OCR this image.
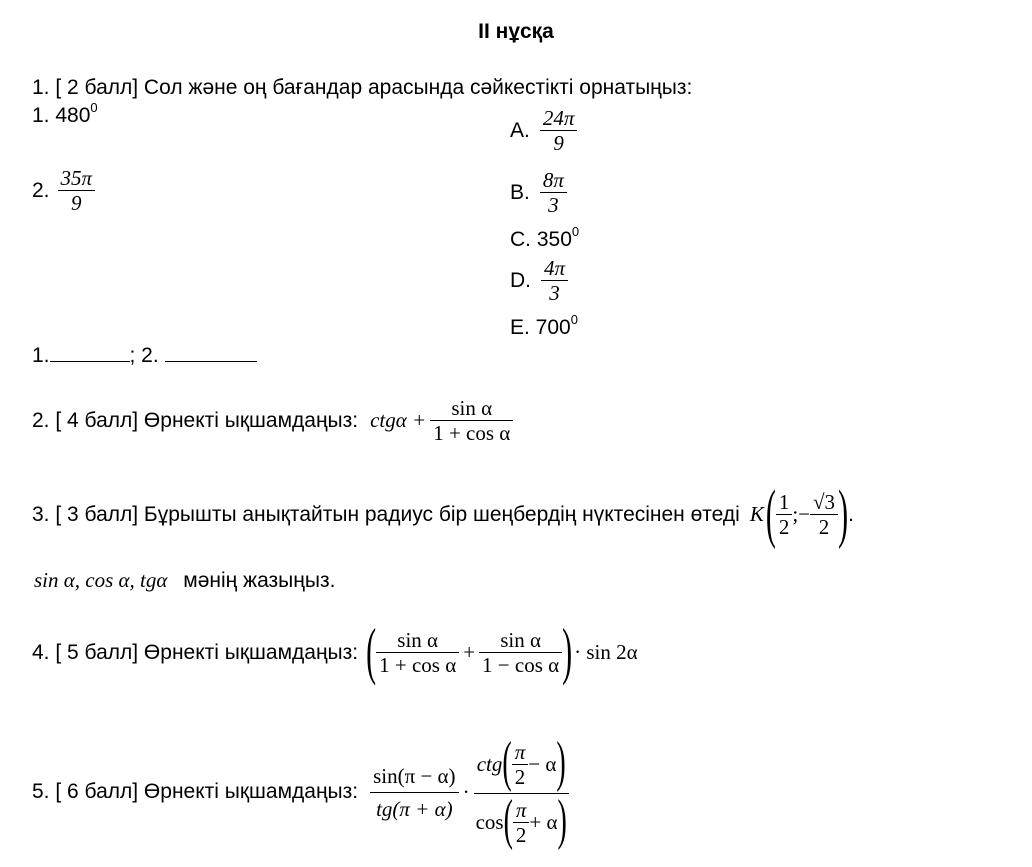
II нұсқа
1. [ 2 балл] Сол және оң бағандар арасында сәйкестікті орнатыңыз:
1. $480^0$
2. $\frac{35\pi}{9}$
A. $\frac{24\pi}{9}$
B. $\frac{8\pi}{3}$
C. $350^0$
D. $\frac{4\pi}{3}$
E. $700^0$
1.	; 2.
2. [ 4 балл] Өрнекті ықшамдаңыз: $ctg\alpha + \frac{\text{sin α}}{\text{1 + cos α}}$
3. [ 3 балл] Бұрышты анықтайтын радиус бір шеңбердің нүктесінен өтеді K ( $\frac{1}{2}$ ;− $\frac{√3}{2}$ ) .
sin α, cos α, tgα мәнің жазыңыз.
4. [ 5 балл] Өрнекті ықшамдаңыз: ( $\frac{\text{sin α}}{\text{1 + cos α}} + \frac{\text{sin α}}{\text{1 − cos α}}$ ) · sin 2α
5. [ 6 балл] Өрнекті ықшамдаңыз: $\frac{\sin(\pi - \alpha)}{tg(\pi + \alpha)}$ ·
ctg ( $\frac{\pi}{2} - \alpha$ )
cos ( $\frac{\pi}{2} + \alpha$ )
